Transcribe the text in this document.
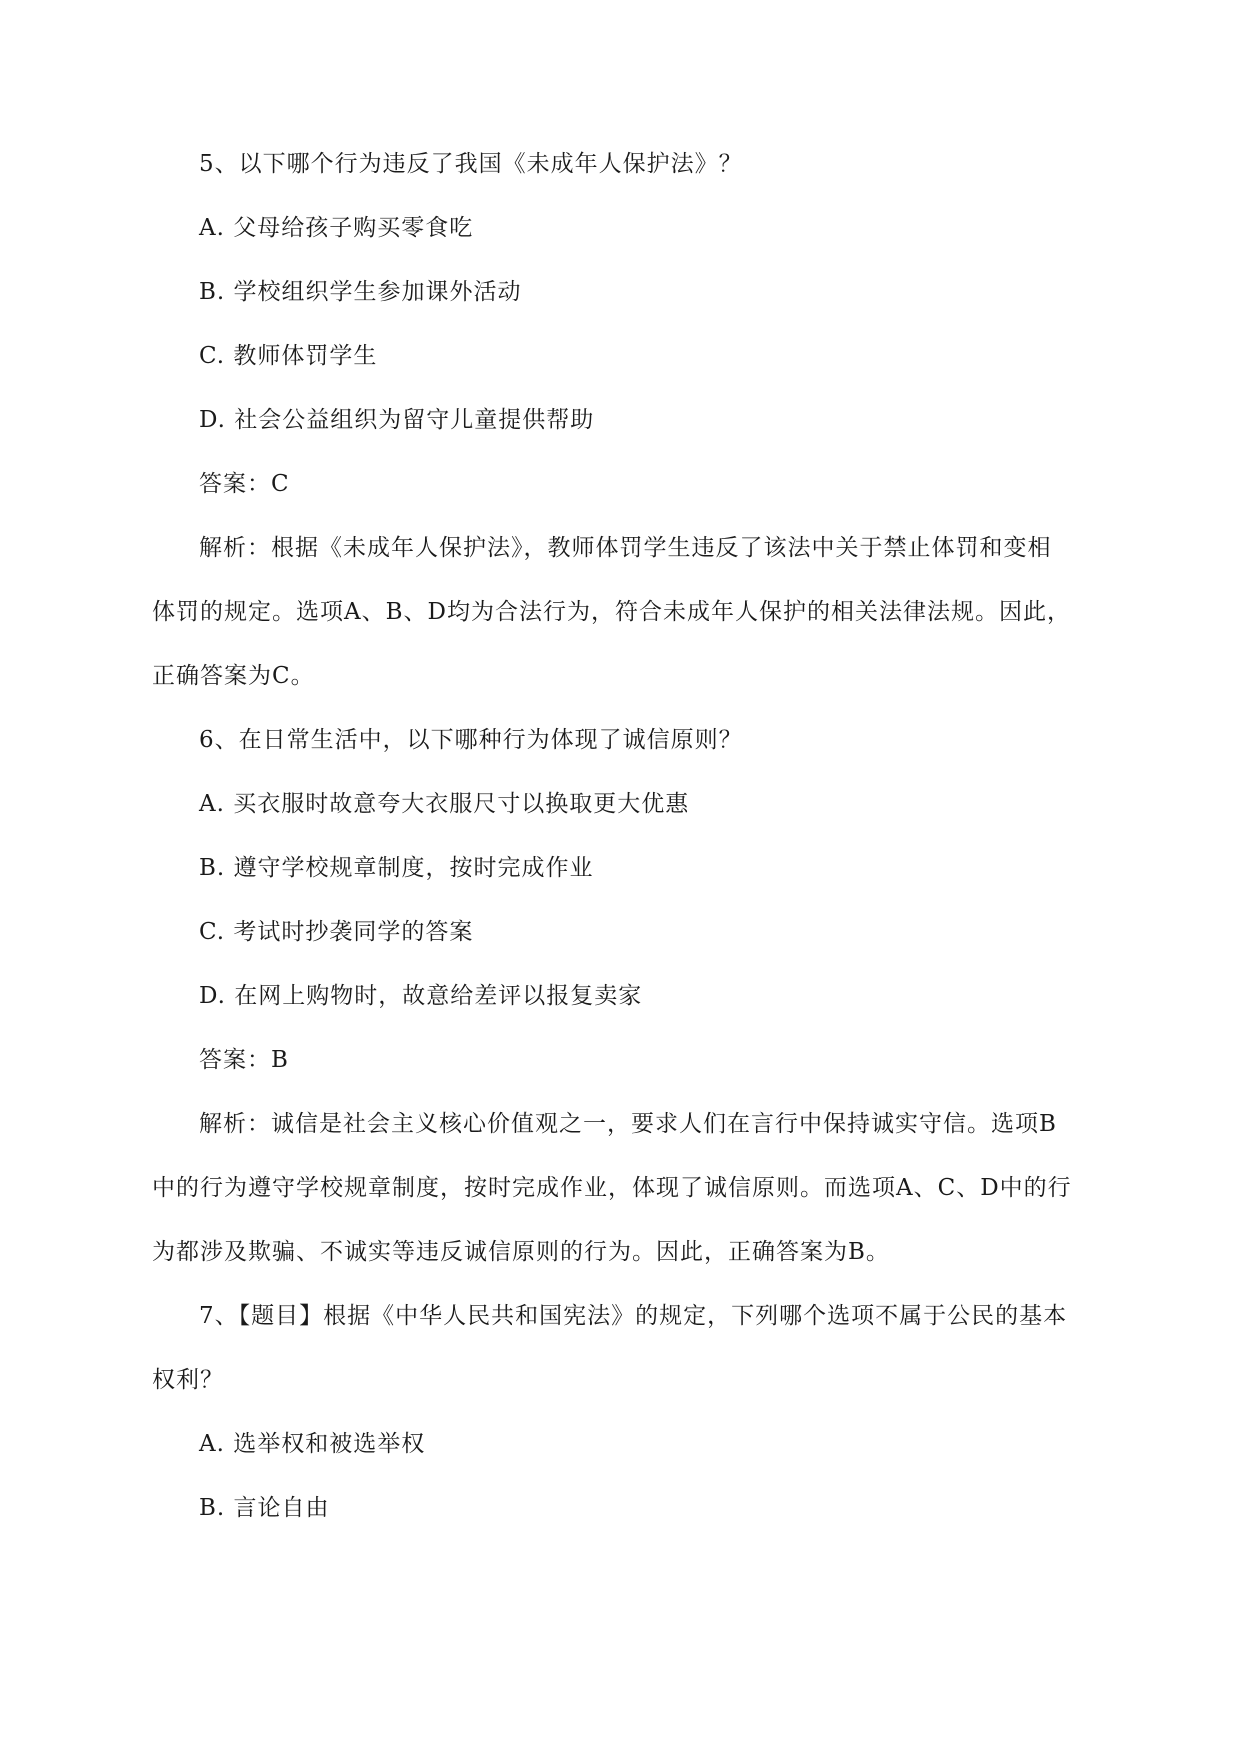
5、以下哪个行为违反了我国《未成年人保护法》？
A. 父母给孩子购买零食吃
B. 学校组织学生参加课外活动
C. 教师体罚学生
D. 社会公益组织为留守儿童提供帮助
答案：C
解析：根据《未成年人保护法》，教师体罚学生违反了该法中关于禁止体罚和变相
体罚的规定。选项A、B、D均为合法行为，符合未成年人保护的相关法律法规。因此，
正确答案为C。
6、在日常生活中，以下哪种行为体现了诚信原则？
A. 买衣服时故意夸大衣服尺寸以换取更大优惠
B. 遵守学校规章制度，按时完成作业
C. 考试时抄袭同学的答案
D. 在网上购物时，故意给差评以报复卖家
答案：B
解析：诚信是社会主义核心价值观之一，要求人们在言行中保持诚实守信。选项B
中的行为遵守学校规章制度，按时完成作业，体现了诚信原则。而选项A、C、D中的行
为都涉及欺骗、不诚实等违反诚信原则的行为。因此，正确答案为B。
7、【题目】根据《中华人民共和国宪法》的规定，下列哪个选项不属于公民的基本
权利？
A. 选举权和被选举权
B. 言论自由
